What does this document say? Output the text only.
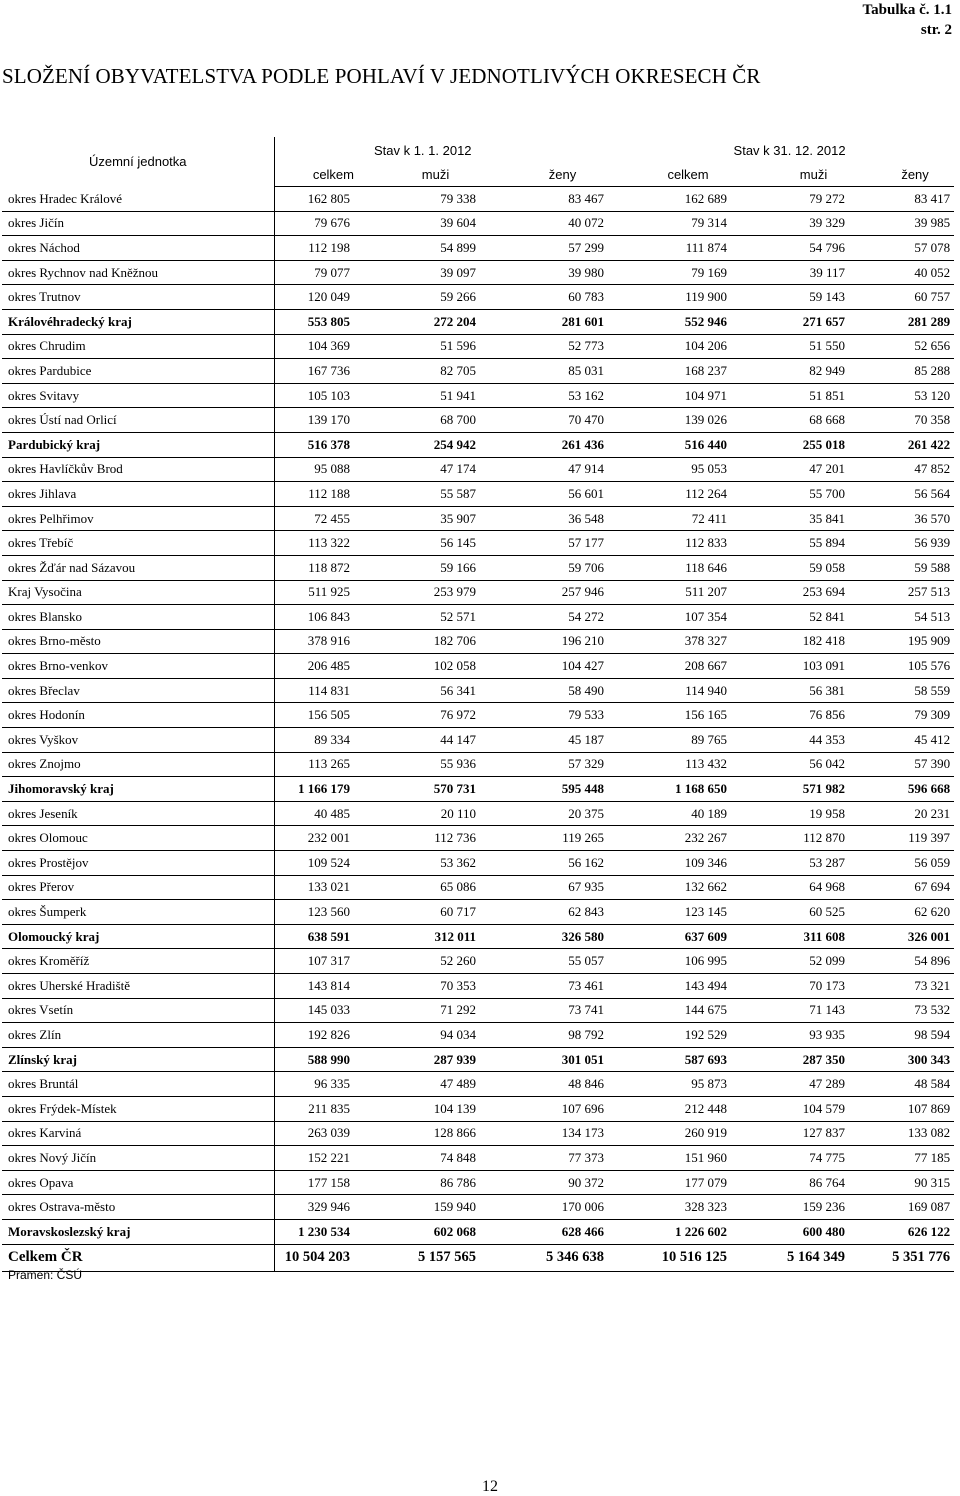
Tabulka č. 1.1
str. 2
SLOŽENÍ OBYVATELSTVA PODLE POHLAVÍ V JEDNOTLIVÝCH OKRESECH ČR
Územní jednotka	Stav k 1. 1. 2012			Stav k 31. 12. 2012		
	celkem	muži	ženy	celkem	muži	ženy
okres Hradec Králové	162 805	79 338	83 467	162 689	79 272	83 417
okres Jičín	79 676	39 604	40 072	79 314	39 329	39 985
okres Náchod	112 198	54 899	57 299	111 874	54 796	57 078
okres Rychnov nad Kněžnou	79 077	39 097	39 980	79 169	39 117	40 052
okres Trutnov	120 049	59 266	60 783	119 900	59 143	60 757
Královéhradecký kraj	553 805	272 204	281 601	552 946	271 657	281 289
okres Chrudim	104 369	51 596	52 773	104 206	51 550	52 656
okres Pardubice	167 736	82 705	85 031	168 237	82 949	85 288
okres Svitavy	105 103	51 941	53 162	104 971	51 851	53 120
okres Ústí nad Orlicí	139 170	68 700	70 470	139 026	68 668	70 358
Pardubický kraj	516 378	254 942	261 436	516 440	255 018	261 422
okres Havlíčkův Brod	95 088	47 174	47 914	95 053	47 201	47 852
okres Jihlava	112 188	55 587	56 601	112 264	55 700	56 564
okres Pelhřimov	72 455	35 907	36 548	72 411	35 841	36 570
okres Třebíč	113 322	56 145	57 177	112 833	55 894	56 939
okres Žďár nad Sázavou	118 872	59 166	59 706	118 646	59 058	59 588
Kraj Vysočina	511 925	253 979	257 946	511 207	253 694	257 513
okres Blansko	106 843	52 571	54 272	107 354	52 841	54 513
okres Brno-město	378 916	182 706	196 210	378 327	182 418	195 909
okres Brno-venkov	206 485	102 058	104 427	208 667	103 091	105 576
okres Břeclav	114 831	56 341	58 490	114 940	56 381	58 559
okres Hodonín	156 505	76 972	79 533	156 165	76 856	79 309
okres Vyškov	89 334	44 147	45 187	89 765	44 353	45 412
okres Znojmo	113 265	55 936	57 329	113 432	56 042	57 390
Jihomoravský kraj	1 166 179	570 731	595 448	1 168 650	571 982	596 668
okres Jeseník	40 485	20 110	20 375	40 189	19 958	20 231
okres Olomouc	232 001	112 736	119 265	232 267	112 870	119 397
okres Prostějov	109 524	53 362	56 162	109 346	53 287	56 059
okres Přerov	133 021	65 086	67 935	132 662	64 968	67 694
okres Šumperk	123 560	60 717	62 843	123 145	60 525	62 620
Olomoucký kraj	638 591	312 011	326 580	637 609	311 608	326 001
okres Kroměříž	107 317	52 260	55 057	106 995	52 099	54 896
okres Uherské Hradiště	143 814	70 353	73 461	143 494	70 173	73 321
okres Vsetín	145 033	71 292	73 741	144 675	71 143	73 532
okres Zlín	192 826	94 034	98 792	192 529	93 935	98 594
Zlínský kraj	588 990	287 939	301 051	587 693	287 350	300 343
okres Bruntál	96 335	47 489	48 846	95 873	47 289	48 584
okres Frýdek-Místek	211 835	104 139	107 696	212 448	104 579	107 869
okres Karviná	263 039	128 866	134 173	260 919	127 837	133 082
okres Nový Jičín	152 221	74 848	77 373	151 960	74 775	77 185
okres Opava	177 158	86 786	90 372	177 079	86 764	90 315
okres Ostrava-město	329 946	159 940	170 006	328 323	159 236	169 087
Moravskoslezský kraj	1 230 534	602 068	628 466	1 226 602	600 480	626 122
Celkem ČR	10 504 203	5 157 565	5 346 638	10 516 125	5 164 349	5 351 776
Pramen: ČSÚ
12
